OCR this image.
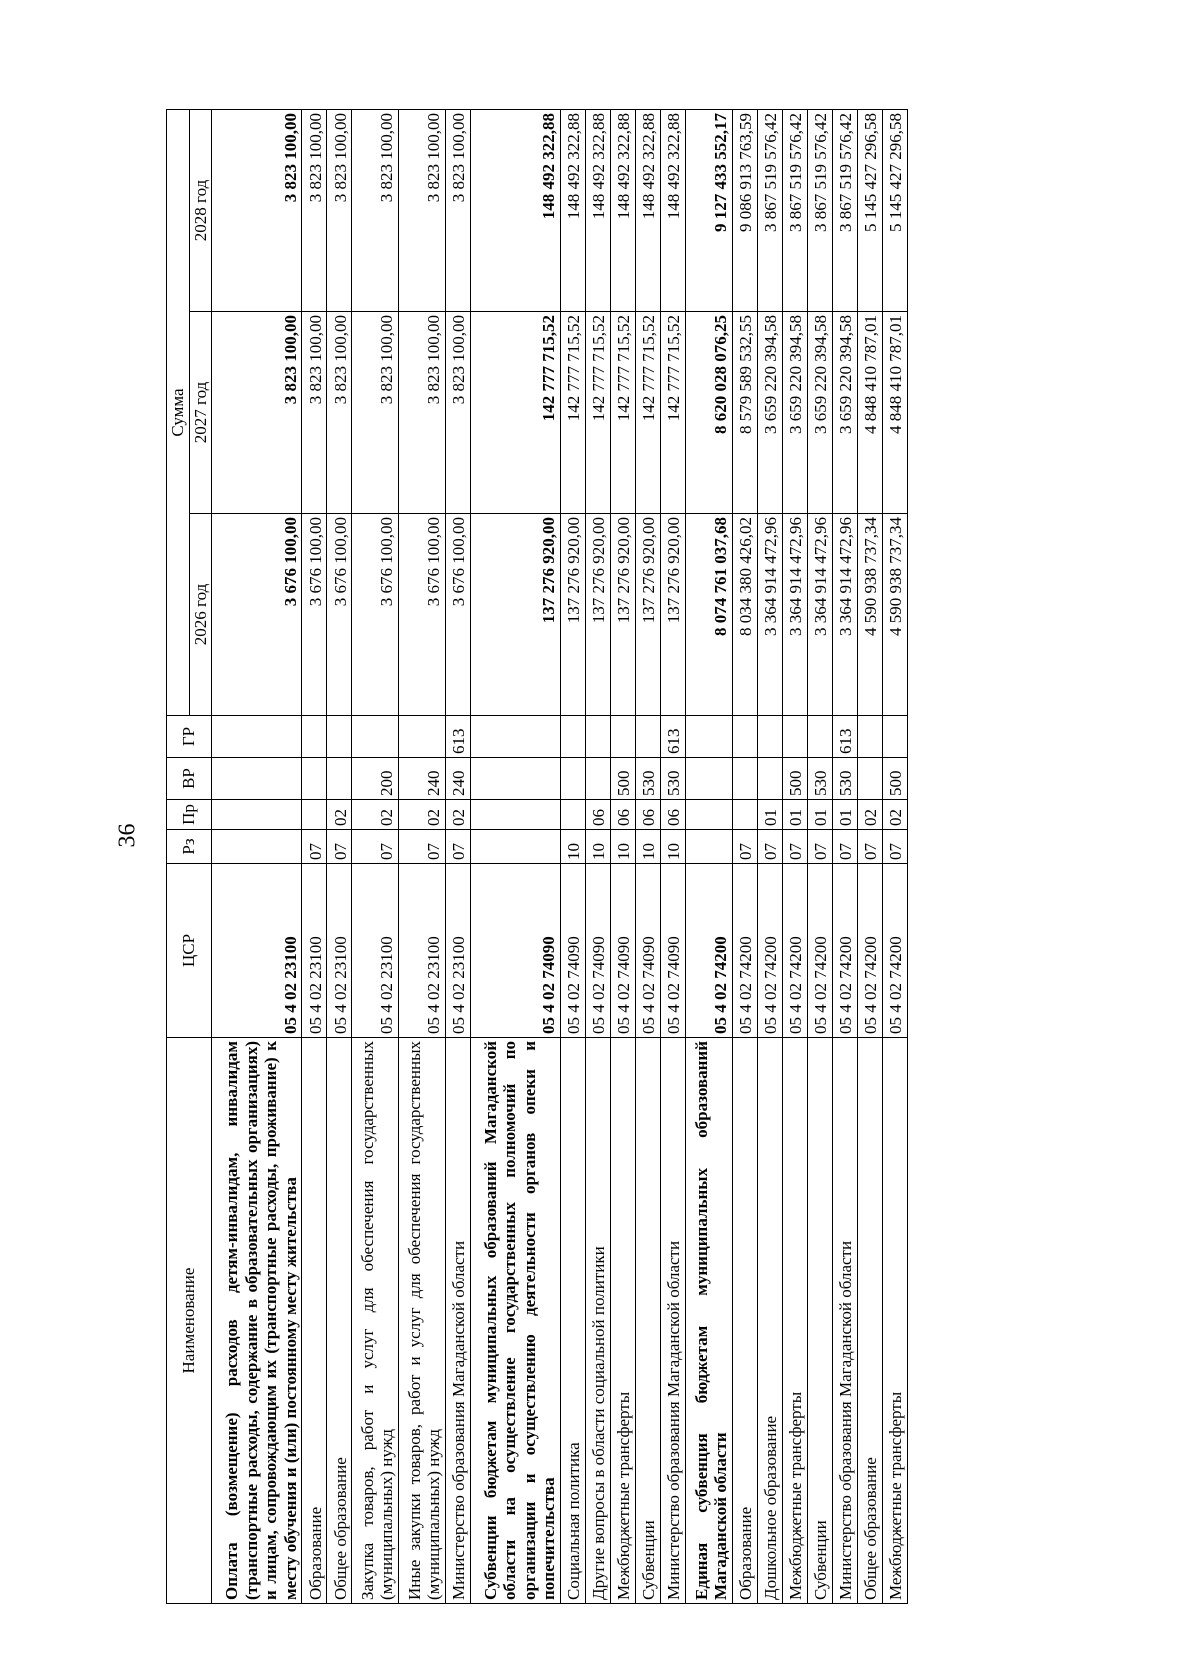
36
Наименование	ЦСР	Рз	Пр	ВР	ГР	Сумма		
						2026 год	2027 год	2028 год
Оплата (возмещение) расходов детям-инвалидам, инвалидам (транспортные расходы, содержание в образовательных организациях) и лицам, сопровождающим их (транспортные расходы, проживание) к месту обучения и (или) постоянному месту жительства	05 4 02 23100					3 676 100,00	3 823 100,00	3 823 100,00
Образование	05 4 02 23100	07				3 676 100,00	3 823 100,00	3 823 100,00
Общее образование	05 4 02 23100	07	02			3 676 100,00	3 823 100,00	3 823 100,00
Закупка товаров, работ и услуг для обеспечения государственных (муниципальных) нужд	05 4 02 23100	07	02	200		3 676 100,00	3 823 100,00	3 823 100,00
Иные закупки товаров, работ и услуг для обеспечения государственных (муниципальных) нужд	05 4 02 23100	07	02	240		3 676 100,00	3 823 100,00	3 823 100,00
Министерство образования Магаданской области	05 4 02 23100	07	02	240	613	3 676 100,00	3 823 100,00	3 823 100,00
Субвенции бюджетам муниципальных образований Магаданской области на осуществление государственных полномочий по организации и осуществлению деятельности органов опеки и попечительства	05 4 02 74090					137 276 920,00	142 777 715,52	148 492 322,88
Социальная политика	05 4 02 74090	10				137 276 920,00	142 777 715,52	148 492 322,88
Другие вопросы в области социальной политики	05 4 02 74090	10	06			137 276 920,00	142 777 715,52	148 492 322,88
Межбюджетные трансферты	05 4 02 74090	10	06	500		137 276 920,00	142 777 715,52	148 492 322,88
Субвенции	05 4 02 74090	10	06	530		137 276 920,00	142 777 715,52	148 492 322,88
Министерство образования Магаданской области	05 4 02 74090	10	06	530	613	137 276 920,00	142 777 715,52	148 492 322,88
Единая субвенция бюджетам муниципальных образований Магаданской области	05 4 02 74200					8 074 761 037,68	8 620 028 076,25	9 127 433 552,17
Образование	05 4 02 74200	07				8 034 380 426,02	8 579 589 532,55	9 086 913 763,59
Дошкольное образование	05 4 02 74200	07	01			3 364 914 472,96	3 659 220 394,58	3 867 519 576,42
Межбюджетные трансферты	05 4 02 74200	07	01	500		3 364 914 472,96	3 659 220 394,58	3 867 519 576,42
Субвенции	05 4 02 74200	07	01	530		3 364 914 472,96	3 659 220 394,58	3 867 519 576,42
Министерство образования Магаданской области	05 4 02 74200	07	01	530	613	3 364 914 472,96	3 659 220 394,58	3 867 519 576,42
Общее образование	05 4 02 74200	07	02			4 590 938 737,34	4 848 410 787,01	5 145 427 296,58
Межбюджетные трансферты	05 4 02 74200	07	02	500		4 590 938 737,34	4 848 410 787,01	5 145 427 296,58
